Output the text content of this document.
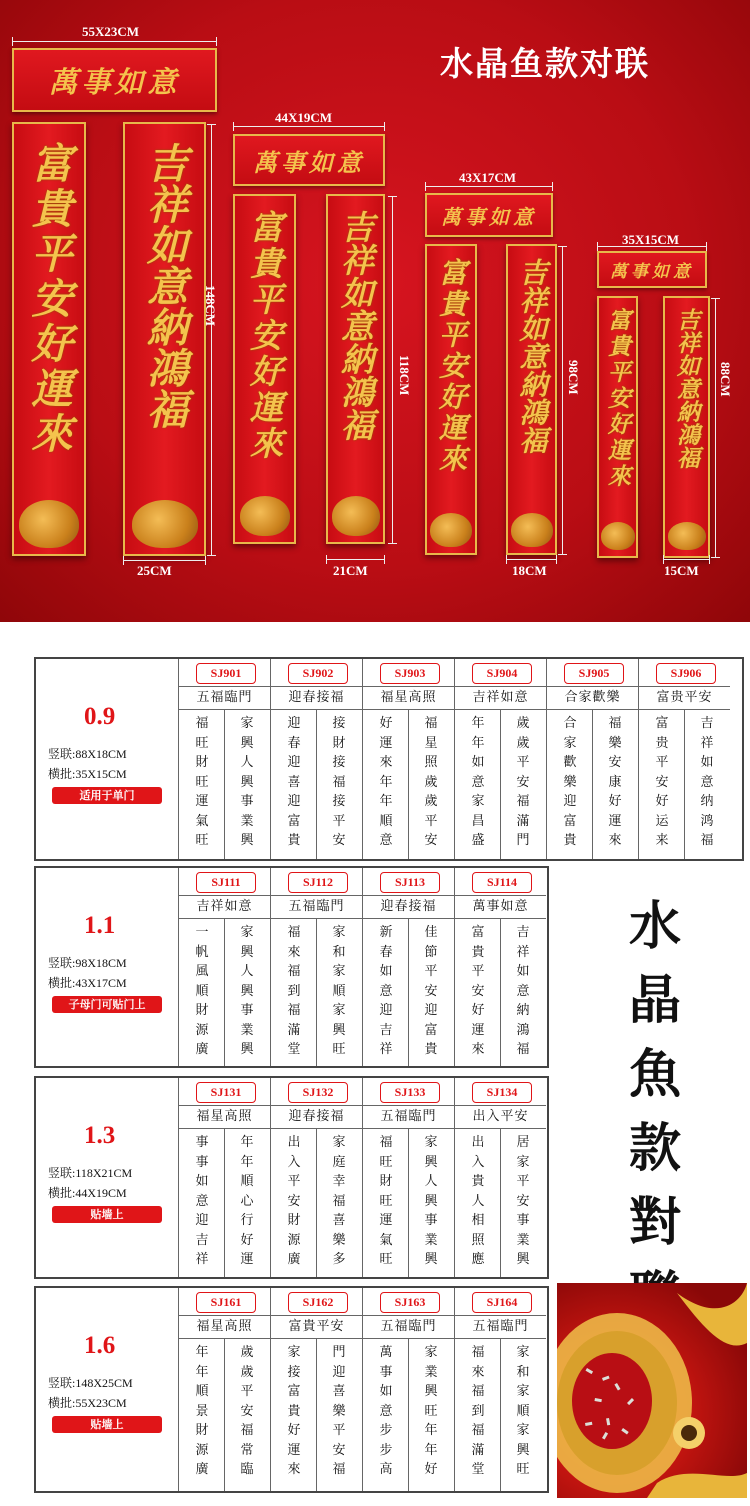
水晶鱼款对联
55X23CM
萬事如意
富貴平安好運來 吉祥如意納鴻福	148CM
25CM
44X19CM
萬事如意
富貴平安好運來 吉祥如意納鴻福	118CM
21CM
43X17CM
萬事如意
富貴平安好運來 吉祥如意納鴻福 98CM
18CM
35X15CM
萬事如意
富貴平安好運來 吉祥如意納鴻福 88CM
15CM
0.9
竖联:88X18CM
横批:35X15CM
适用于单门
SJ901
五福臨門
福
旺
財
旺
運
氣
旺
家
興
人
興
事
業
興
SJ902
迎春接福
迎
春
迎
喜
迎
富
貴
接
財
接
福
接
平
安
SJ903
福星高照
好
運
來
年
年
順
意
福
星
照
歲
歲
平
安
SJ904
吉祥如意
年
年
如
意
家
昌
盛
歲
歲
平
安
福
滿
門
SJ905
合家歡樂
合
家
歡
樂
迎
富
貴
福
樂
安
康
好
運
來
SJ906
富贵平安
富
贵
平
安
好
运
来
吉
祥
如
意
纳
鸿
福
1.1
竖联:98X18CM
横批:43X17CM
子母门可贴门上
SJ111
吉祥如意
一
帆
風
順
財
源
廣
家
興
人
興
事
業
興
SJ112
五福臨門
福
來
福
到
福
滿
堂
家
和
家
順
家
興
旺
SJ113
迎春接福
新
春
如
意
迎
吉
祥
佳
節
平
安
迎
富
貴
SJ114
萬事如意
富
貴
平
安
好
運
來
吉
祥
如
意
納
鴻
福
1.3
竖联:118X21CM
横批:44X19CM
贴墙上
SJ131
福星高照
事
事
如
意
迎
吉
祥
年
年
順
心
行
好
運
SJ132
迎春接福
出
入
平
安
財
源
廣
家
庭
幸
福
喜
樂
多
SJ133
五福臨門
福
旺
財
旺
運
氣
旺
家
興
人
興
事
業
興
SJ134
出入平安
出
入
貴
人
相
照
應
居
家
平
安
事
業
興
1.6
竖联:148X25CM
横批:55X23CM
贴墙上
SJ161
福星高照
年
年
順
景
財
源
廣
歲
歲
平
安
福
常
臨
SJ162
富貴平安
家
接
富
貴
好
運
來
門
迎
喜
樂
平
安
福
SJ163
五福臨門
萬
事
如
意
步
步
高
家
業
興
旺
年
年
好
SJ164
五福臨門
福
來
福
到
福
滿
堂
家
和
家
順
家
興
旺
水
晶
魚
款
對
